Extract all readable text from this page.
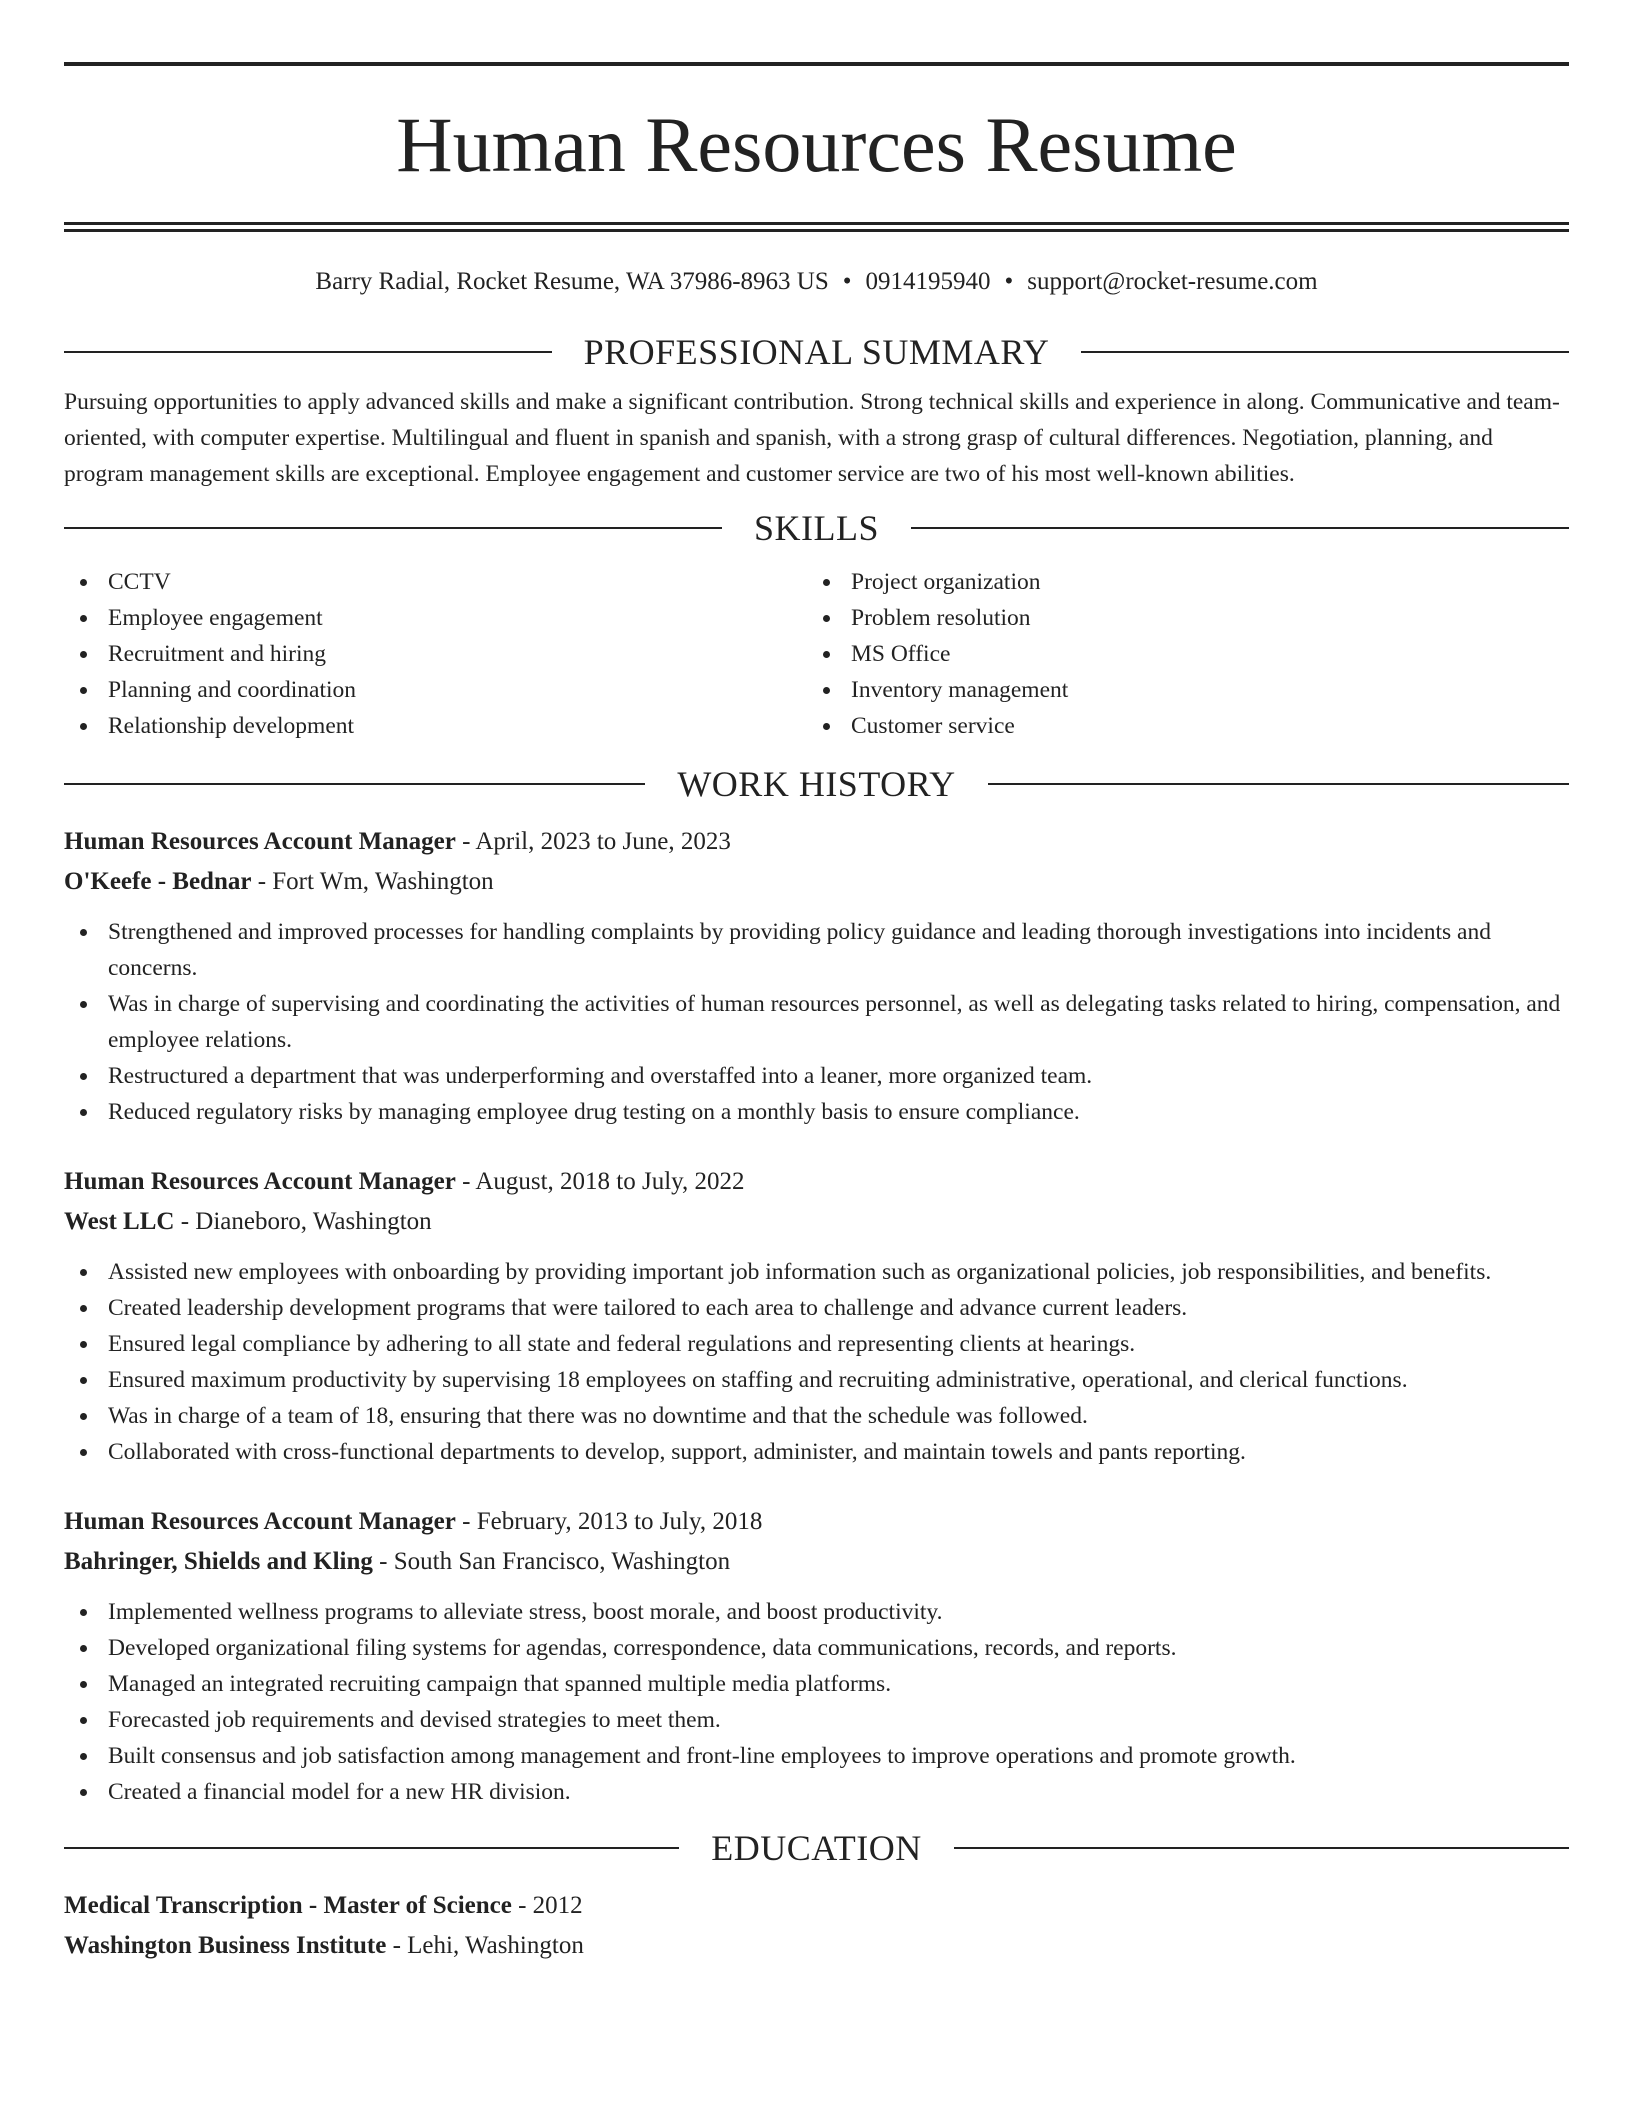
Human Resources Resume
Barry Radial, Rocket Resume, WA 37986-8963 US • 0914195940 • support@rocket-resume.com
PROFESSIONAL SUMMARY

Pursuing opportunities to apply advanced skills and make a significant contribution. Strong technical skills and experience in along. Communicative and team-oriented, with computer expertise. Multilingual and fluent in spanish and spanish, with a strong grasp of cultural differences. Negotiation, planning, and program management skills are exceptional. Employee engagement and customer service are two of his most well-known abilities.

SKILLS
CCTV
Employee engagement
Recruitment and hiring
Planning and coordination
Relationship development
Project organization
Problem resolution
MS Office
Inventory management
Customer service
WORK HISTORY
Human Resources Account Manager - April, 2023 to June, 2023
O'Keefe - Bednar - Fort Wm, Washington
Strengthened and improved processes for handling complaints by providing policy guidance and leading thorough investigations into incidents and concerns.
Was in charge of supervising and coordinating the activities of human resources personnel, as well as delegating tasks related to hiring, compensation, and employee relations.
Restructured a department that was underperforming and overstaffed into a leaner, more organized team.
Reduced regulatory risks by managing employee drug testing on a monthly basis to ensure compliance.
Human Resources Account Manager - August, 2018 to July, 2022
West LLC - Dianeboro, Washington
Assisted new employees with onboarding by providing important job information such as organizational policies, job responsibilities, and benefits.
Created leadership development programs that were tailored to each area to challenge and advance current leaders.
Ensured legal compliance by adhering to all state and federal regulations and representing clients at hearings.
Ensured maximum productivity by supervising 18 employees on staffing and recruiting administrative, operational, and clerical functions.
Was in charge of a team of 18, ensuring that there was no downtime and that the schedule was followed.
Collaborated with cross-functional departments to develop, support, administer, and maintain towels and pants reporting.
Human Resources Account Manager - February, 2013 to July, 2018
Bahringer, Shields and Kling - South San Francisco, Washington
Implemented wellness programs to alleviate stress, boost morale, and boost productivity.
Developed organizational filing systems for agendas, correspondence, data communications, records, and reports.
Managed an integrated recruiting campaign that spanned multiple media platforms.
Forecasted job requirements and devised strategies to meet them.
Built consensus and job satisfaction among management and front-line employees to improve operations and promote growth.
Created a financial model for a new HR division.
EDUCATION
Medical Transcription - Master of Science - 2012
Washington Business Institute - Lehi, Washington
